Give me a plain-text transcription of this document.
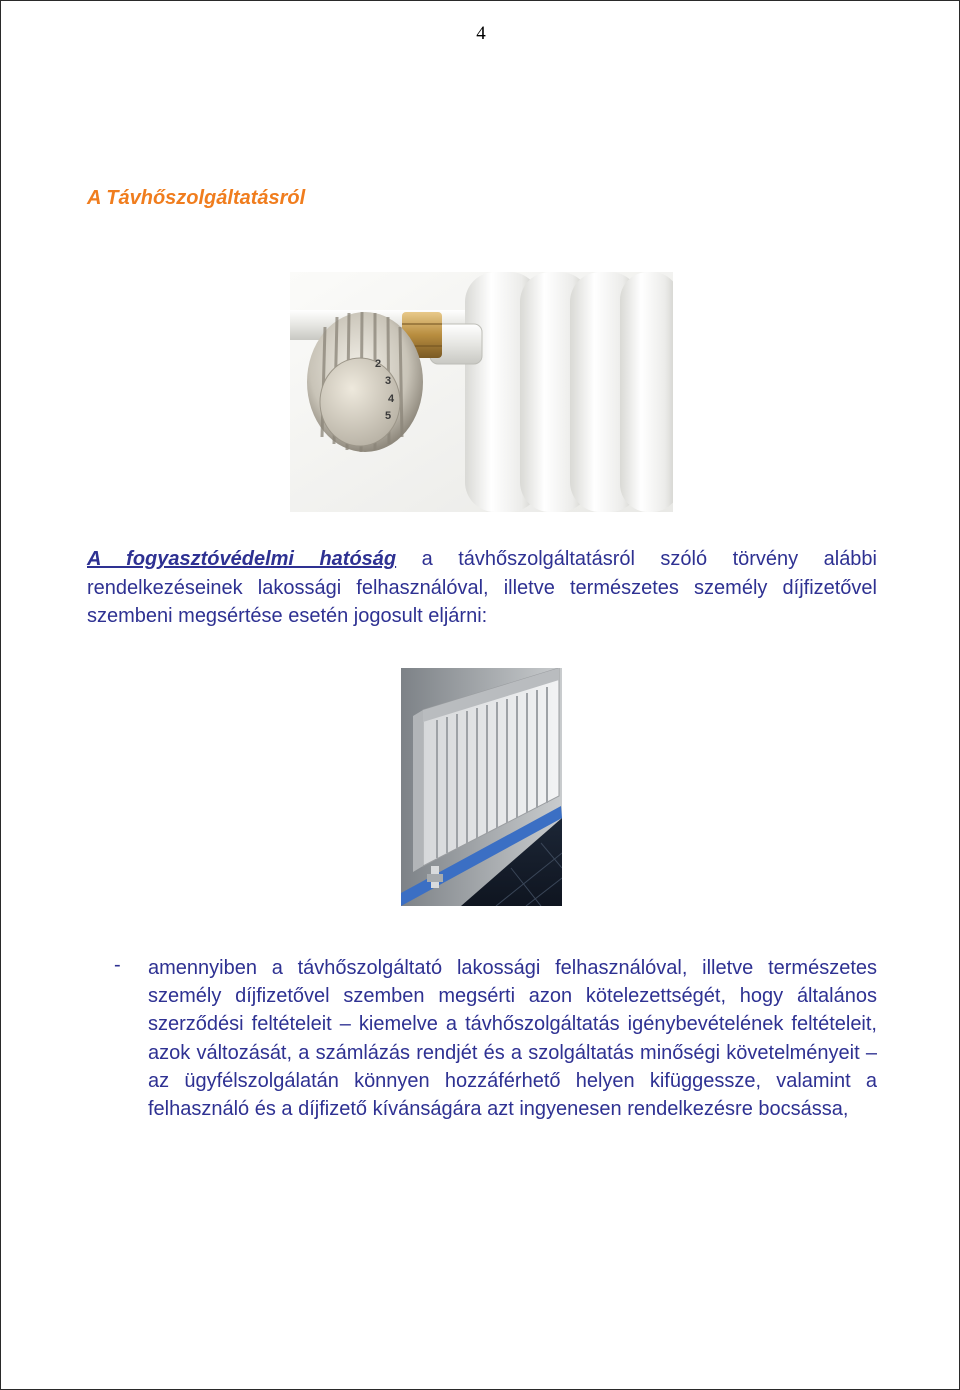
4
A Távhőszolgáltatásról
2
3
4
5

A fogyasztóvédelmi hatóság a távhőszolgáltatásról szóló törvény alábbi rendelkezéseinek lakossági felhasználóval, illetve természetes személy díjfizetővel szembeni megsértése esetén jogosult eljárni:

- amennyiben a távhőszolgáltató lakossági felhasználóval, illetve természetes személy díjfizetővel szemben megsérti azon kötelezettségét, hogy általános szerződési feltételeit – kiemelve a távhőszolgáltatás igénybevételének feltételeit, azok változását, a számlázás rendjét és a szolgáltatás minőségi követelményeit – az ügyfélszolgálatán könnyen hozzáférhető helyen kifüggessze, valamint a felhasználó és a díjfizető kívánságára azt ingyenesen rendelkezésre bocsássa,
